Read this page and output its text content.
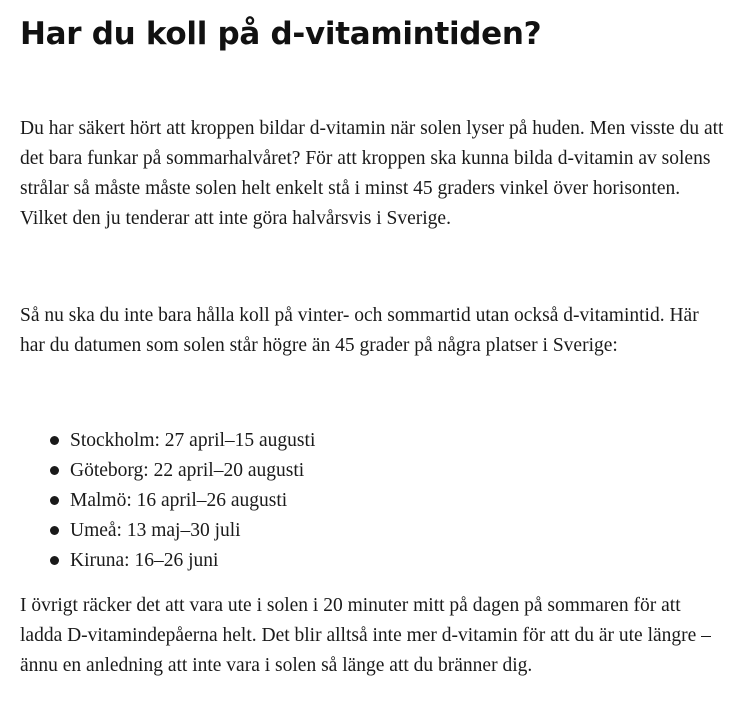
Har du koll på d-vitamintiden?

Du har säkert hört att kroppen bildar d-vitamin när solen lyser på huden. Men visste du att det bara funkar på sommarhalvåret? För att kroppen ska kunna bilda d-vitamin av solens strålar så måste måste solen helt enkelt stå i minst 45 graders vinkel över horisonten. Vilket den ju tenderar att inte göra halvårsvis i Sverige.

Så nu ska du inte bara hålla koll på vinter- och sommartid utan också d-vitamintid. Här har du datumen som solen står högre än 45 grader på några platser i Sverige:

Stockholm: 27 april–15 augusti
Göteborg: 22 april–20 augusti
Malmö: 16 april–26 augusti
Umeå: 13 maj–30 juli
Kiruna: 16–26 juni

I övrigt räcker det att vara ute i solen i 20 minuter mitt på dagen på sommaren för att ladda D-vitamindepåerna helt. Det blir alltså inte mer d-vitamin för att du är ute längre – ännu en anledning att inte vara i solen så länge att du bränner dig.
